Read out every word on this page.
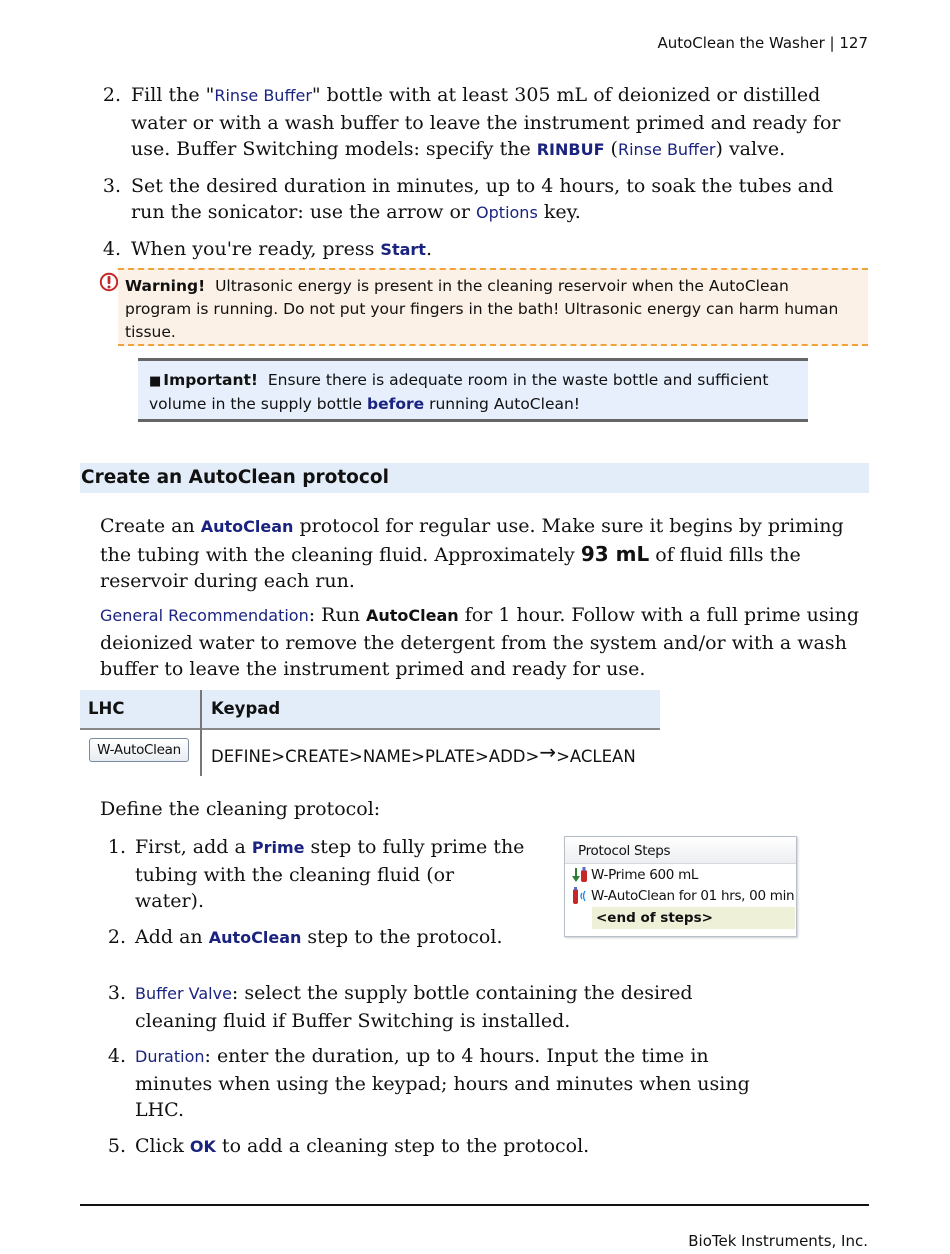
AutoClean the Washer | 127
2. Fill the "Rinse Buffer" bottle with at least 305 mL of deionized or distilled water or with a wash buffer to leave the instrument primed and ready for use. Buffer Switching models: specify the RINBUF (Rinse Buffer) valve.
3. Set the desired duration in minutes, up to 4 hours, to soak the tubes and run the sonicator: use the arrow or Options key.
4. When you're ready, press Start.
Warning! Ultrasonic energy is present in the cleaning reservoir when the AutoClean program is running. Do not put your fingers in the bath! Ultrasonic energy can harm human tissue.
■ Important! Ensure there is adequate room in the waste bottle and sufficient volume in the supply bottle before running AutoClean!
Create an AutoClean protocol

Create an AutoClean protocol for regular use. Make sure it begins by priming the tubing with the cleaning fluid. Approximately 93 mL of fluid fills the reservoir during each run.

General Recommendation: Run AutoClean for 1 hour. Follow with a full prime using deionized water to remove the detergent from the system and/or with a wash buffer to leave the instrument primed and ready for use.

LHC	Keypad
W-AutoClean	DEFINE>CREATE>NAME>PLATE>ADD>→>ACLEAN

Define the cleaning protocol:

1. First, add a Prime step to fully prime the tubing with the cleaning fluid (or water).
2. Add an AutoClean step to the protocol.
3. Buffer Valve: select the supply bottle containing the desired cleaning fluid if Buffer Switching is installed.
4. Duration: enter the duration, up to 4 hours. Input the time in minutes when using the keypad; hours and minutes when using LHC.
5. Click OK to add a cleaning step to the protocol.
Protocol Steps
W-Prime 600 mL
W-AutoClean for 01 hrs, 00 min
<end of steps>
BioTek Instruments, Inc.
